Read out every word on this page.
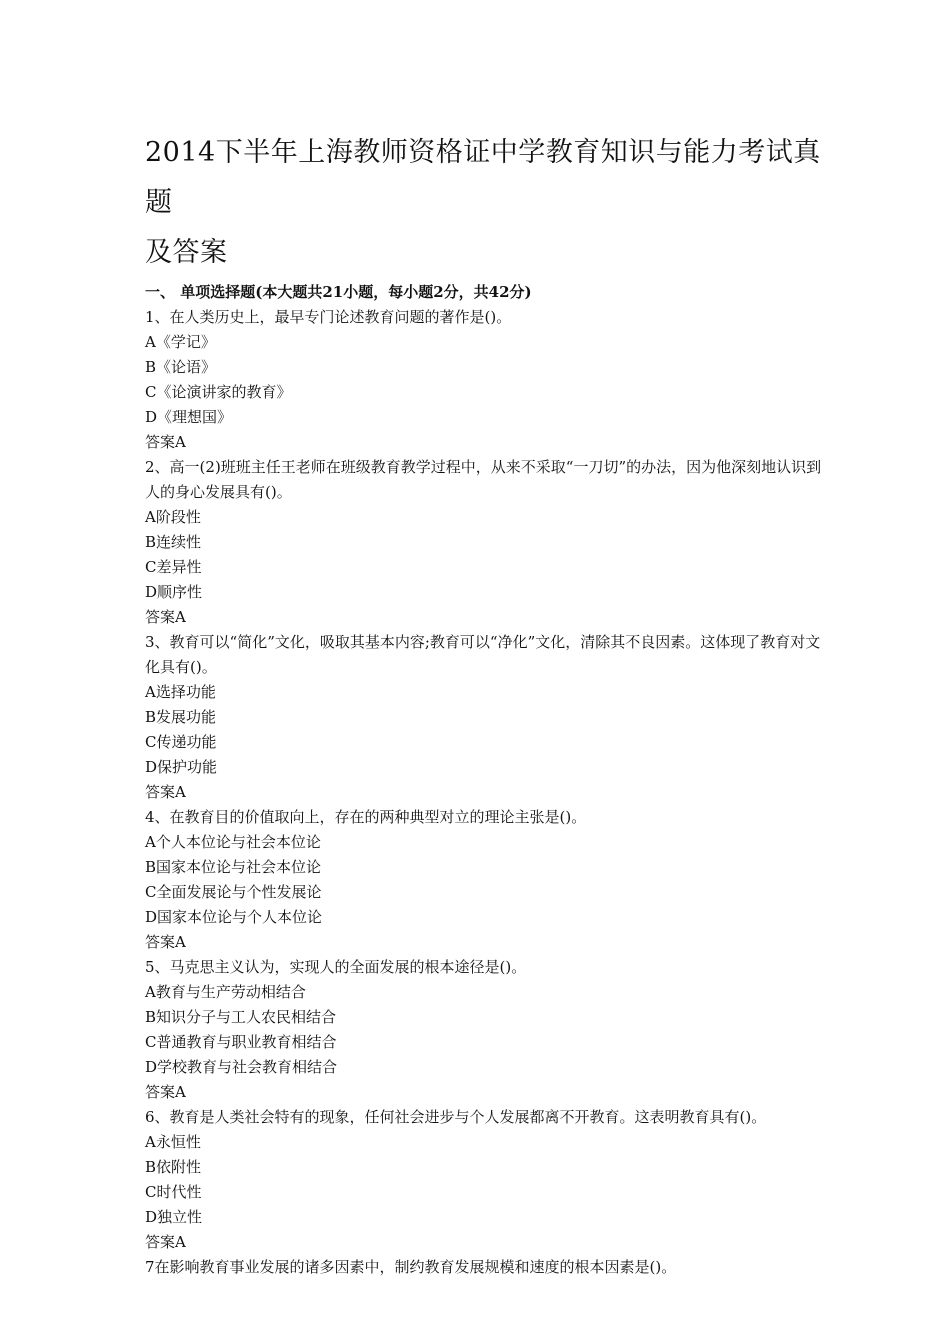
2014下半年上海教师资格证中学教育知识与能力考试真题
及答案
一、 单项选择题(本大题共21小题，每小题2分，共42分)
1、在人类历史上，最早专门论述教育问题的著作是()。
A《学记》
B《论语》
C《论演讲家的教育》
D《理想国》
答案A
2、高一(2)班班主任王老师在班级教育教学过程中，从来不采取“一刀切”的办法，因为他深刻地认识到人的身心发展具有()。
A阶段性
B连续性
C差异性
D顺序性
答案A
3、教育可以“简化”文化，吸取其基本内容;教育可以“净化”文化，清除其不良因素。这体现了教育对文化具有()。
A选择功能
B发展功能
C传递功能
D保护功能
答案A
4、在教育目的价值取向上，存在的两种典型对立的理论主张是()。
A个人本位论与社会本位论
B国家本位论与社会本位论
C全面发展论与个性发展论
D国家本位论与个人本位论
答案A
5、马克思主义认为，实现人的全面发展的根本途径是()。
A教育与生产劳动相结合
B知识分子与工人农民相结合
C普通教育与职业教育相结合
D学校教育与社会教育相结合
答案A
6、教育是人类社会特有的现象，任何社会进步与个人发展都离不开教育。这表明教育具有()。
A永恒性
B依附性
C时代性
D独立性
答案A
7在影响教育事业发展的诸多因素中，制约教育发展规模和速度的根本因素是()。
